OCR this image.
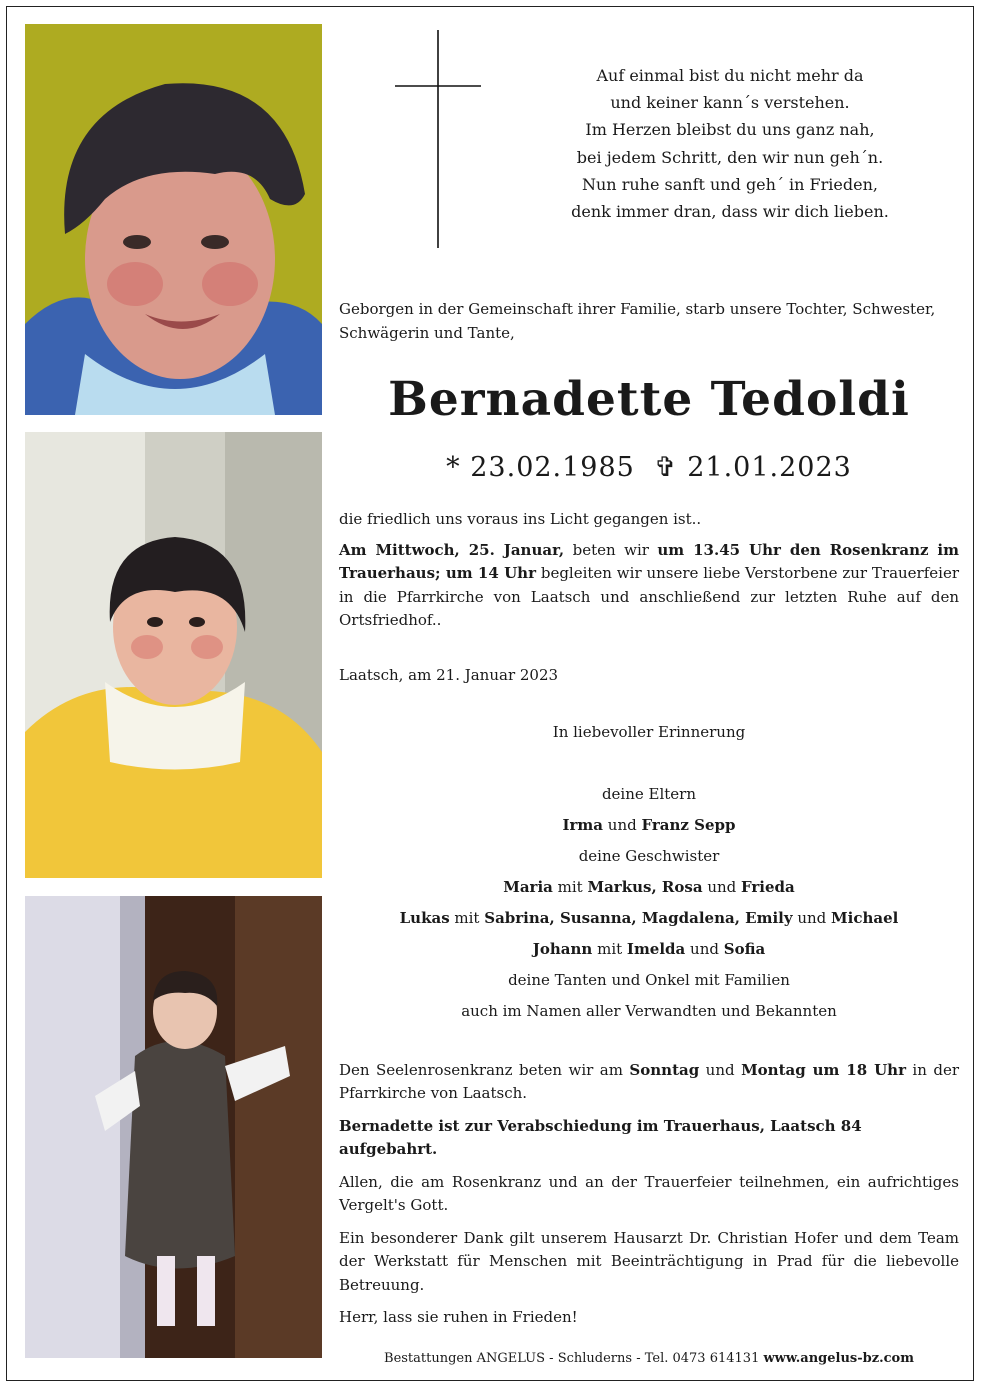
Auf einmal bist du nicht mehr da
und keiner kann´s verstehen.
Im Herzen bleibst du uns ganz nah,
bei jedem Schritt, den wir nun geh´n.
Nun ruhe sanft und geh´ in Frieden,
denk immer dran, dass wir dich lieben.
Geborgen in der Gemeinschaft ihrer Familie, starb unsere Tochter, Schwester, Schwägerin und Tante,
Bernadette Tedoldi
* 23.02.1985 ✞ 21.01.2023

die friedlich uns voraus ins Licht gegangen ist..

Am Mittwoch, 25. Januar, beten wir um 13.45 Uhr den Rosenkranz im Trauerhaus; um 14 Uhr begleiten wir unsere liebe Verstorbene zur Trauerfeier in die Pfarrkirche von Laatsch und anschließend zur letzten Ruhe auf den Ortsfriedhof..

Laatsch, am 21. Januar 2023

In liebevoller Erinnerung

deine Eltern
Irma und Franz Sepp
deine Geschwister
Maria mit Markus, Rosa und Frieda
Lukas mit Sabrina, Susanna, Magdalena, Emily und Michael
Johann mit Imelda und Sofia
deine Tanten und Onkel mit Familien
auch im Namen aller Verwandten und Bekannten

Den Seelenrosenkranz beten wir am Sonntag und Montag um 18 Uhr in der Pfarrkirche von Laatsch.

Bernadette ist zur Verabschiedung im Trauerhaus, Laatsch 84 aufgebahrt.

Allen, die am Rosenkranz und an der Trauerfeier teilnehmen, ein aufrichtiges Vergelt's Gott.

Ein besonderer Dank gilt unserem Hausarzt Dr. Christian Hofer und dem Team der Werkstatt für Menschen mit Beeinträchtigung in Prad für die liebevolle Betreuung.

Herr, lass sie ruhen in Frieden!

Bestattungen ANGELUS - Schluderns - Tel. 0473 614131 www.angelus-bz.com
